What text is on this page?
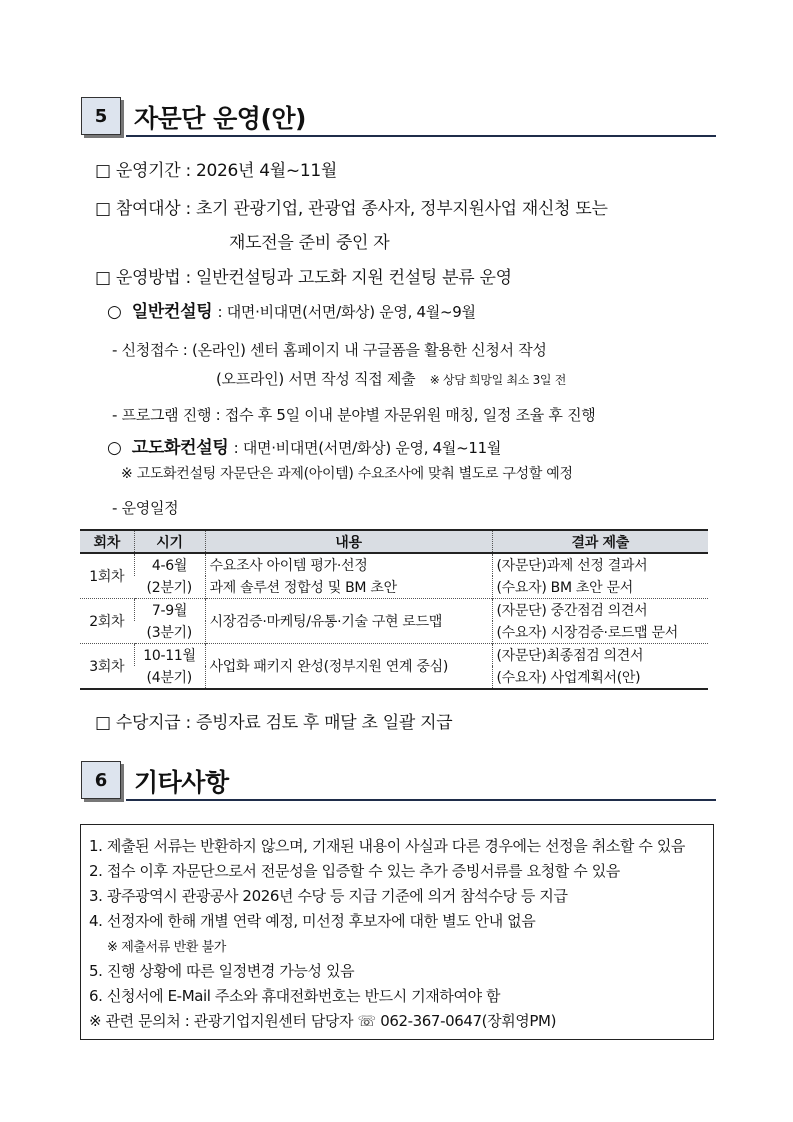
5	자문단 운영(안)
□ 운영기간 : 2026년 4월~11월
□ 참여대상 : 초기 관광기업, 관광업 종사자, 정부지원사업 재신청 또는
재도전을 준비 중인 자
□ 운영방법 : 일반컨설팅과 고도화 지원 컨설팅 분류 운영
○ 일반컨설팅 : 대면·비대면(서면/화상) 운영, 4월~9월
- 신청접수 : (온라인) 센터 홈페이지 내 구글폼을 활용한 신청서 작성
(오프라인) 서면 작성 직접 제출 ※ 상담 희망일 최소 3일 전
- 프로그램 진행 : 접수 후 5일 이내 분야별 자문위원 매칭, 일정 조율 후 진행
○ 고도화컨설팅 : 대면·비대면(서면/화상) 운영, 4월~11월
※ 고도화컨설팅 자문단은 과제(아이템) 수요조사에 맞춰 별도로 구성할 예정
- 운영일정
회차	시기	내용	결과 제출
1회차	4-6월	수요조사 아이템 평가·선정	(자문단)과제 선정 결과서
	(2분기)	과제 솔루션 정합성 및 BM 초안	(수요자) BM 초안 문서
2회차	7-9월	시장검증·마케팅/유통·기술 구현 로드맵	(자문단) 중간점검 의견서
	(3분기)		(수요자) 시장검증·로드맵 문서
3회차	10-11월	사업화 패키지 완성(정부지원 연계 중심)	(자문단)최종점검 의견서
	(4분기)		(수요자) 사업계획서(안)
□ 수당지급 : 증빙자료 검토 후 매달 초 일괄 지급
6	기타사항
1. 제출된 서류는 반환하지 않으며, 기재된 내용이 사실과 다른 경우에는 선정을 취소할 수 있음
2. 접수 이후 자문단으로서 전문성을 입증할 수 있는 추가 증빙서류를 요청할 수 있음
3. 광주광역시 관광공사 2026년 수당 등 지급 기준에 의거 참석수당 등 지급
4. 선정자에 한해 개별 연락 예정, 미선정 후보자에 대한 별도 안내 없음
※ 제출서류 반환 불가
5. 진행 상황에 따른 일정변경 가능성 있음
6. 신청서에 E-Mail 주소와 휴대전화번호는 반드시 기재하여야 함
※ 관련 문의처 : 관광기업지원센터 담당자 ☏ 062-367-0647(장휘영PM)
